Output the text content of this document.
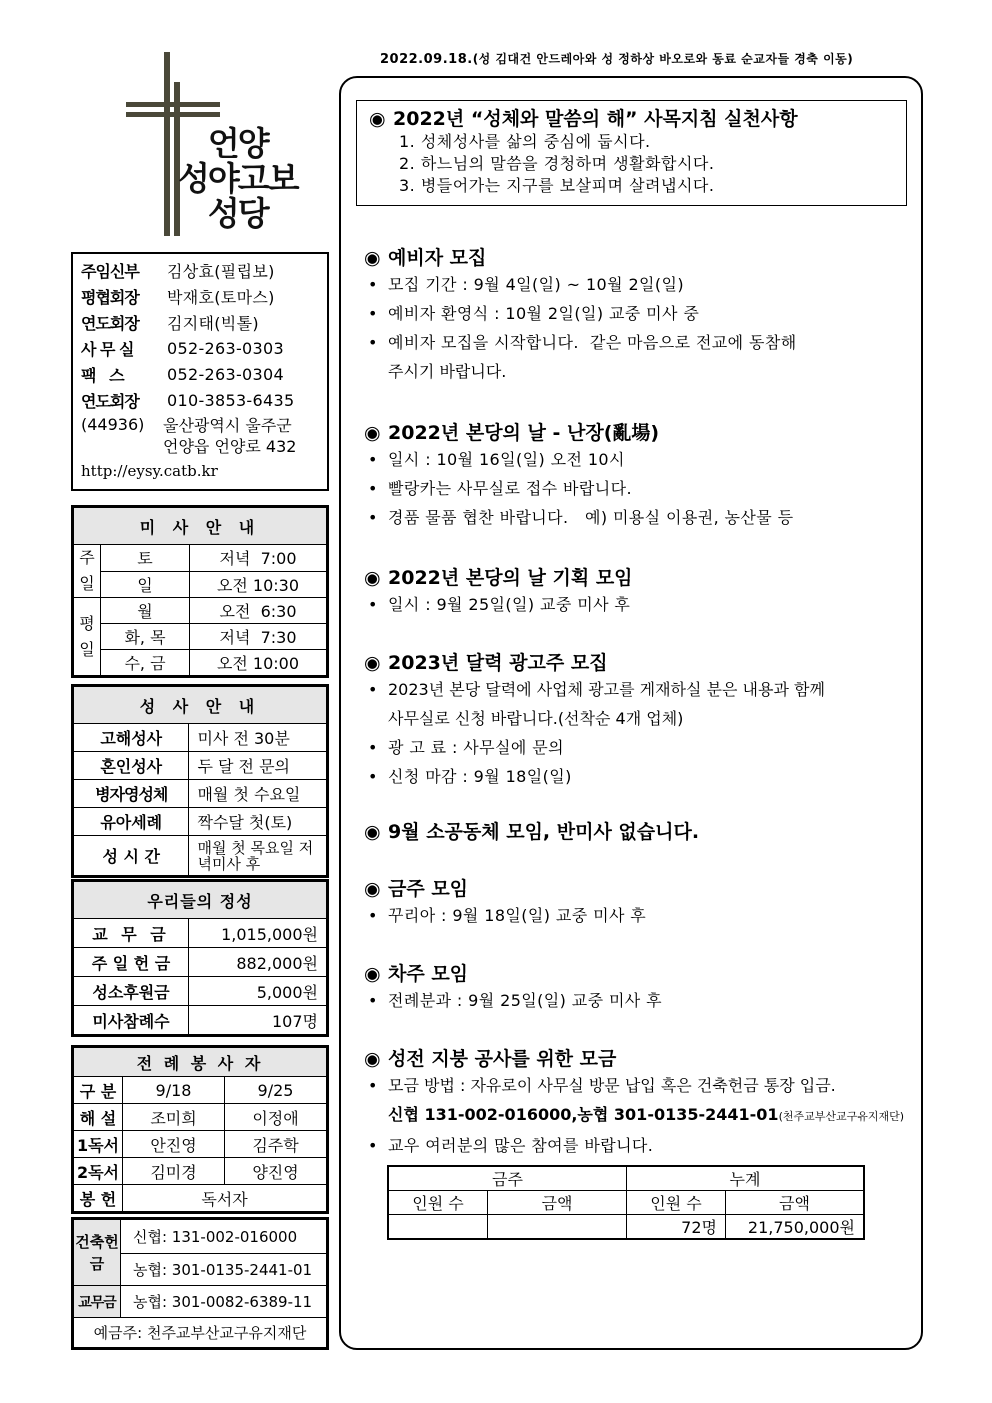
2022.09.18.(성 김대건 안드레아와 성 정하상 바오로와 동료 순교자들 경축 이동)
언양
성야고보
성당
주임신부	김상효(필립보)
평협회장	박재호(토마스)
연도회장	김지태(빅톨)
사 무 실	052-263-0303
팩   스	052-263-0304
연도회장	010-3853-6435
(44936)	울산광역시 울주군
언양읍 언양로 432
http://eysy.catb.kr
미 사 안 내		
주일	토	저녁  7:00
	일	오전 10:30
평일	월	오전  6:30
	화, 목	저녁  7:30
	수, 금	오전 10:00
성 사 안 내	
고해성사	미사 전 30분
혼인성사	두 달 전 문의
병자영성체	매월 첫 수요일
유아세례	짝수달 첫(토)
성 시 간	매월 첫 목요일 저녁미사 후
우리들의 정성	
교 무 금	1,015,000원
주 일 헌 금	882,000원
성소후원금	5,000원
미사참례수	107명
전 례 봉 사 자		
구 분	9/18	9/25
해 설	조미희	이정애
1독서	안진영	김주학
2독서	김미경	양진영
봉 헌	독서자	
건축헌금	신협: 131-002-016000
	농협: 301-0135-2441-01
교무금	농협: 301-0082-6389-11
예금주: 천주교부산교구유지재단	
◉ 2022년 “성체와 말씀의 해” 사목지침 실천사항
1. 성체성사를 삶의 중심에 둡시다.
2. 하느님의 말씀을 경청하며 생활화합시다.
3. 병들어가는 지구를 보살피며 살려냅시다.
◉ 예비자 모집
• 모집 기간 : 9월 4일(일) ~ 10월 2일(일)
• 예비자 환영식 : 10월 2일(일) 교중 미사 중
• 예비자 모집을 시작합니다.  같은 마음으로 전교에 동참해
주시기 바랍니다.
◉ 2022년 본당의 날 - 난장(亂場)
• 일시 : 10월 16일(일) 오전 10시
• 빨랑카는 사무실로 접수 바랍니다.
• 경품 물품 협찬 바랍니다.   예) 미용실 이용권, 농산물 등
◉ 2022년 본당의 날 기획 모임
• 일시 : 9월 25일(일) 교중 미사 후
◉ 2023년 달력 광고주 모집
• 2023년 본당 달력에 사업체 광고를 게재하실 분은 내용과 함께
사무실로 신청 바랍니다.(선착순 4개 업체)
• 광 고 료 : 사무실에 문의
• 신청 마감 : 9월 18일(일)
◉ 9월 소공동체 모임, 반미사 없습니다.
◉ 금주 모임
• 꾸리아 : 9월 18일(일) 교중 미사 후
◉ 차주 모임
• 전례분과 : 9월 25일(일) 교중 미사 후
◉ 성전 지붕 공사를 위한 모금
• 모금 방법 : 자유로이 사무실 방문 납입 혹은 건축헌금 통장 입금.
신협 131-002-016000,농협 301-0135-2441-01(천주교부산교구유지재단)
• 교우 여러분의 많은 참여를 바랍니다.
금주		누계	
인원 수	금액	인원 수	금액
		72명	21,750,000원
